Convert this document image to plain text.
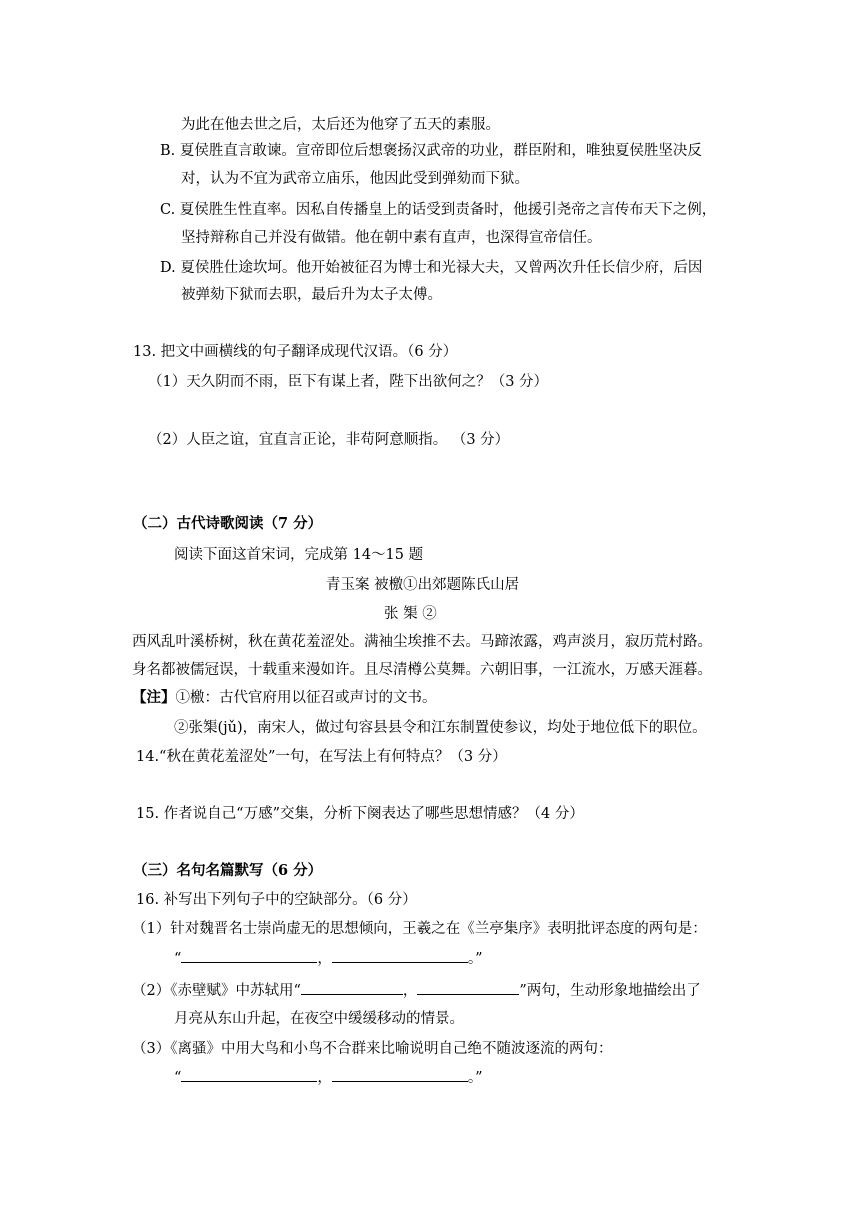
为此在他去世之后，太后还为他穿了五天的素服。
B. 夏侯胜直言敢谏。宣帝即位后想褒扬汉武帝的功业，群臣附和，唯独夏侯胜坚决反
对，认为不宜为武帝立庙乐，他因此受到弹劾而下狱。
C. 夏侯胜生性直率。因私自传播皇上的话受到责备时，他援引尧帝之言传布天下之例，
坚持辩称自己并没有做错。他在朝中素有直声，也深得宣帝信任。
D. 夏侯胜仕途坎坷。他开始被征召为博士和光禄大夫，又曾两次升任长信少府，后因
被弹劾下狱而去职，最后升为太子太傅。
13. 把文中画横线的句子翻译成现代汉语。（6 分）
（1）天久阴而不雨，臣下有谋上者，陛下出欲何之？（3 分）
（2）人臣之谊，宜直言正论，非苟阿意顺指。 （3 分）
（二）古代诗歌阅读（7 分）
阅读下面这首宋词，完成第 14～15 题
青玉案 被檄①出郊题陈氏山居
张 榘 ②
西风乱叶溪桥树，秋在黄花羞涩处。满袖尘埃推不去。马蹄浓露，鸡声淡月，寂历荒村路。
身名都被儒冠误，十载重来漫如许。且尽清樽公莫舞。六朝旧事，一江流水，万感天涯暮。
【注】①檄：古代官府用以征召或声讨的文书。
②张榘(jǔ)，南宋人，做过句容县县令和江东制置使参议，均处于地位低下的职位。
14.“秋在黄花羞涩处”一句，在写法上有何特点？（3 分）
15. 作者说自己“万感”交集，分析下阕表达了哪些思想情感？（4 分）
（三）名句名篇默写（6 分）
16. 补写出下列句子中的空缺部分。（6 分）
（1）针对魏晋名士崇尚虚无的思想倾向，王羲之在《兰亭集序》表明批评态度的两句是：
“	，	。”
（2）《赤壁赋》中苏轼用“	，	”两句，生动形象地描绘出了
月亮从东山升起，在夜空中缓缓移动的情景。
（3）《离骚》中用大鸟和小鸟不合群来比喻说明自己绝不随波逐流的两句：
“	，	。”
